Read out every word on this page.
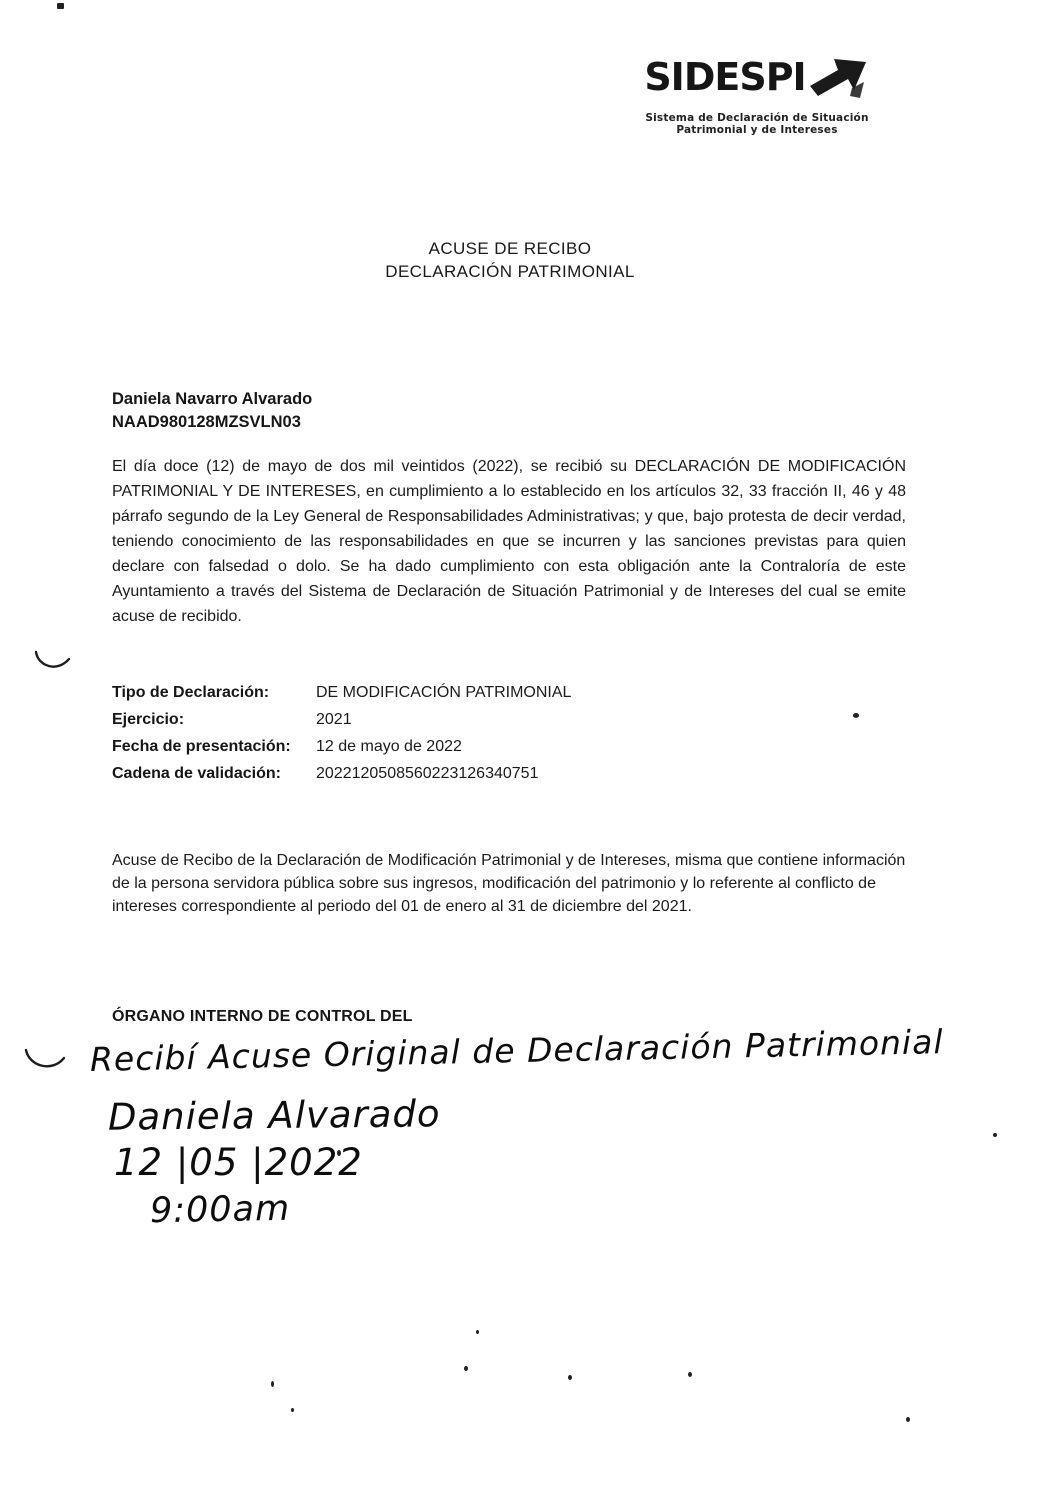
SIDESPI
Sistema de Declaración de Situación
Patrimonial y de Intereses
ACUSE DE RECIBO
DECLARACIÓN PATRIMONIAL
Daniela Navarro Alvarado
NAAD980128MZSVLN03
El día doce (12) de mayo de dos mil veintidos (2022), se recibió su DECLARACIÓN DE MODIFICACIÓN PATRIMONIAL Y DE INTERESES, en cumplimiento a lo establecido en los artículos 32, 33 fracción II, 46 y 48 párrafo segundo de la Ley General de Responsabilidades Administrativas; y que, bajo protesta de decir verdad, teniendo conocimiento de las responsabilidades en que se incurren y las sanciones previstas para quien declare con falsedad o dolo. Se ha dado cumplimiento con esta obligación ante la Contraloría de este Ayuntamiento a través del Sistema de Declaración de Situación Patrimonial y de Intereses del cual se emite acuse de recibido.
Tipo de Declaración:	DE MODIFICACIÓN PATRIMONIAL
Ejercicio:	2021
Fecha de presentación: 12 de mayo de 2022
Cadena de validación: 2022120508560223126340751
Acuse de Recibo de la Declaración de Modificación Patrimonial y de Intereses, misma que contiene información de la persona servidora pública sobre sus ingresos, modificación del patrimonio y lo referente al conflicto de intereses correspondiente al periodo del 01 de enero al 31 de diciembre del 2021.
ÓRGANO INTERNO DE CONTROL DEL
Recibí Acuse Original de Declaración Patrimonial
Daniela Alvarado
12 |05 |2022
9:00am
